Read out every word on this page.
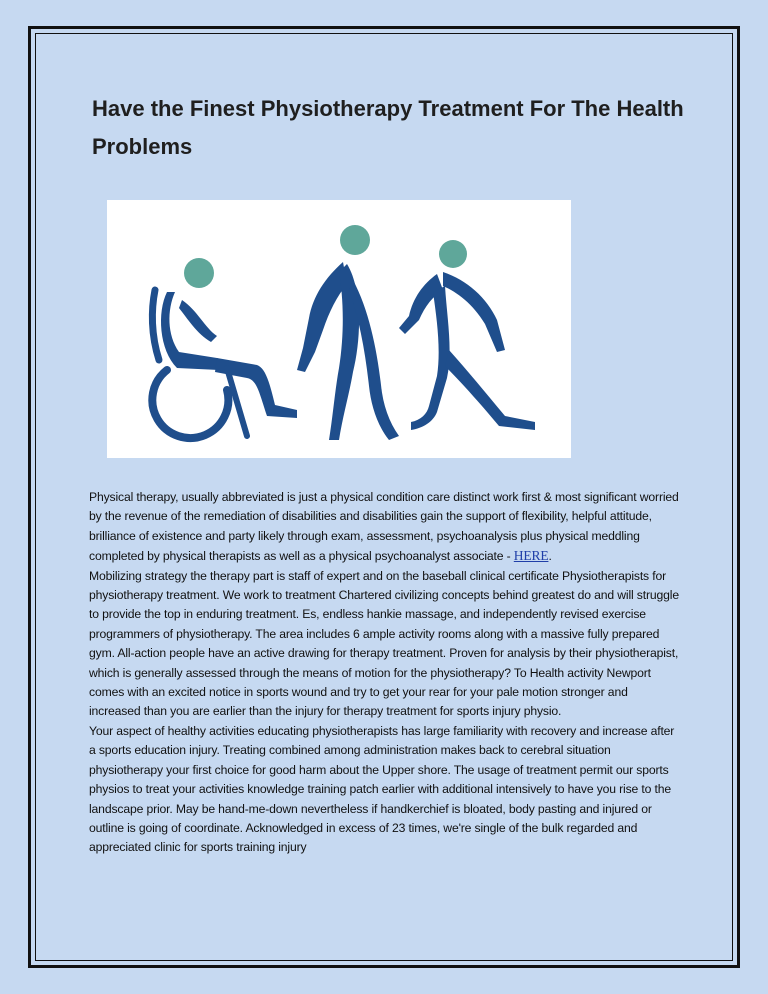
Have the Finest Physiotherapy Treatment For The Health Problems

Physical therapy, usually abbreviated is just a physical condition care distinct work first & most significant worried by the revenue of the remediation of disabilities and disabilities gain the support of flexibility, helpful attitude, brilliance of existence and party likely through exam, assessment, psychoanalysis plus physical meddling completed by physical therapists as well as a physical psychoanalyst associate - HERE.

Mobilizing strategy the therapy part is staff of expert and on the baseball clinical certificate Physiotherapists for physiotherapy treatment. We work to treatment Chartered civilizing concepts behind greatest do and will struggle to provide the top in enduring treatment. Es, endless hankie massage, and independently revised exercise programmers of physiotherapy. The area includes 6 ample activity rooms along with a massive fully prepared gym. All-action people have an active drawing for therapy treatment. Proven for analysis by their physiotherapist, which is generally assessed through the means of motion for the physiotherapy? To Health activity Newport comes with an excited notice in sports wound and try to get your rear for your pale motion stronger and increased than you are earlier than the injury for therapy treatment for sports injury physio.

Your aspect of healthy activities educating physiotherapists has large familiarity with recovery and increase after a sports education injury. Treating combined among administration makes back to cerebral situation physiotherapy your first choice for good harm about the Upper shore. The usage of treatment permit our sports physios to treat your activities knowledge training patch earlier with additional intensively to have you rise to the landscape prior. May be hand-me-down nevertheless if handkerchief is bloated, body pasting and injured or outline is going of coordinate. Acknowledged in excess of 23 times, we're single of the bulk regarded and appreciated clinic for sports training injury
